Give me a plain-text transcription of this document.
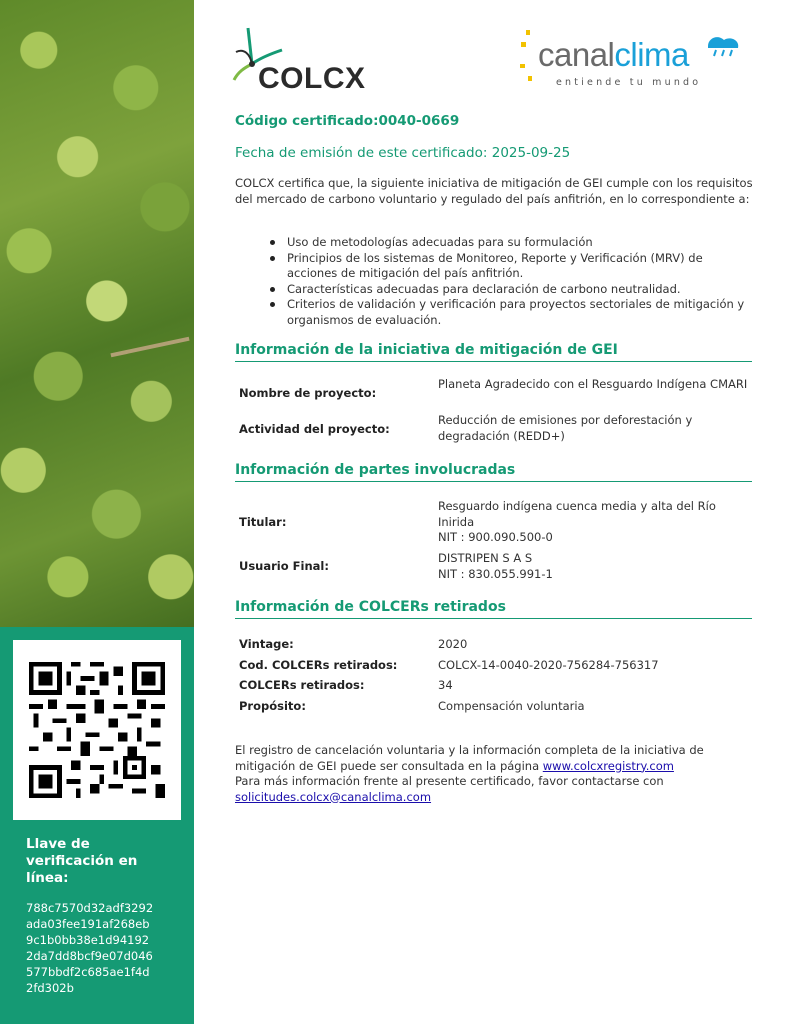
Llave de verificación en línea:
788c7570d32adf3292
ada03fee191af268eb
9c1b0bb38e1d94192
2da7dd8bcf9e07d046
577bbdf2c685ae1f4d
2fd302b
COLCX
canalclima
entiende tu mundo
Código certificado:0040-0669
Fecha de emisión de este certificado: 2025-09-25
COLCX certifica que, la siguiente iniciativa de mitigación de GEI cumple con los requisitos del mercado de carbono voluntario y regulado del país anfitrión, en lo correspondiente a:
Uso de metodologías adecuadas para su formulación
Principios de los sistemas de Monitoreo, Reporte y Verificación (MRV) de acciones de mitigación del país anfitrión.
Características adecuadas para declaración de carbono neutralidad.
Criterios de validación y verificación para proyectos sectoriales de mitigación y organismos de evaluación.
Información de la iniciativa de mitigación de GEI
Nombre de proyecto:
Planeta Agradecido con el Resguardo Indígena CMARI
Actividad del proyecto:
Reducción de emisiones por deforestación y degradación (REDD+)
Información de partes involucradas
Titular:
Resguardo indígena cuenca media y alta del Río Inirida
NIT : 900.090.500-0
Usuario Final:
DISTRIPEN S A S
NIT : 830.055.991-1
Información de COLCERs retirados
Vintage:	2020
Cod. COLCERs retirados:	COLCX-14-0040-2020-756284-756317
COLCERs retirados:	34
Propósito:	Compensación voluntaria
El registro de cancelación voluntaria y la información completa de la iniciativa de mitigación de GEI puede ser consultada en la página www.colcxregistry.com
Para más información frente al presente certificado, favor contactarse con
solicitudes.colcx@canalclima.com
